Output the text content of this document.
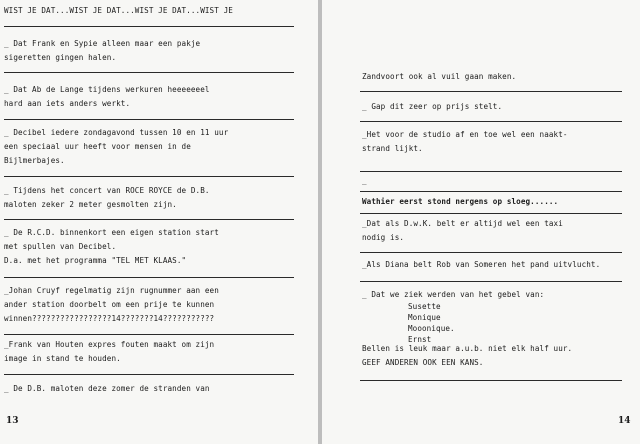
WIST JE DAT...WIST JE DAT...WIST JE DAT...WIST JE
_ Dat Frank en Sypie alleen maar een pakje
sigeretten gingen halen.
_ Dat Ab de Lange tijdens werkuren heeeeeeel
hard aan iets anders werkt.
_ Decibel iedere zondagavond tussen 10 en 11 uur
een speciaal uur heeft voor mensen in de
Bijlmerbajes.
_ Tijdens het concert van ROCE ROYCE de D.B.
maloten zeker 2 meter gesmolten zijn.
_ De R.C.D. binnenkort een eigen station start
met spullen van Decibel.
D.a. met het programma "TEL MET KLAAS."
_Johan Cruyf regelmatig zijn rugnummer aan een
ander station doorbelt om een prije te kunnen
winnen?????????????????14???????14???????????
_Frank van Houten expres fouten maakt om zijn
image in stand te houden.
_ De D.B. maloten deze zomer de stranden van
13
Zandvoort ook al vuil gaan maken.
_ Gap dit zeer op prijs stelt.
_Het voor de studio af en toe wel een naakt-
strand lijkt.
_
Wathier eerst stond nergens op sloeg......
_Dat als D.w.K. belt er altijd wel een taxi
nodig is.
_Als Diana belt Rob van Someren het pand uitvlucht.
_ Dat we ziek werden van het gebel van:
Susette
Monique
Mooonique.
Ernst
Bellen is leuk maar a.u.b. niet elk half uur.
GEEF ANDEREN OOK EEN KANS.
14
